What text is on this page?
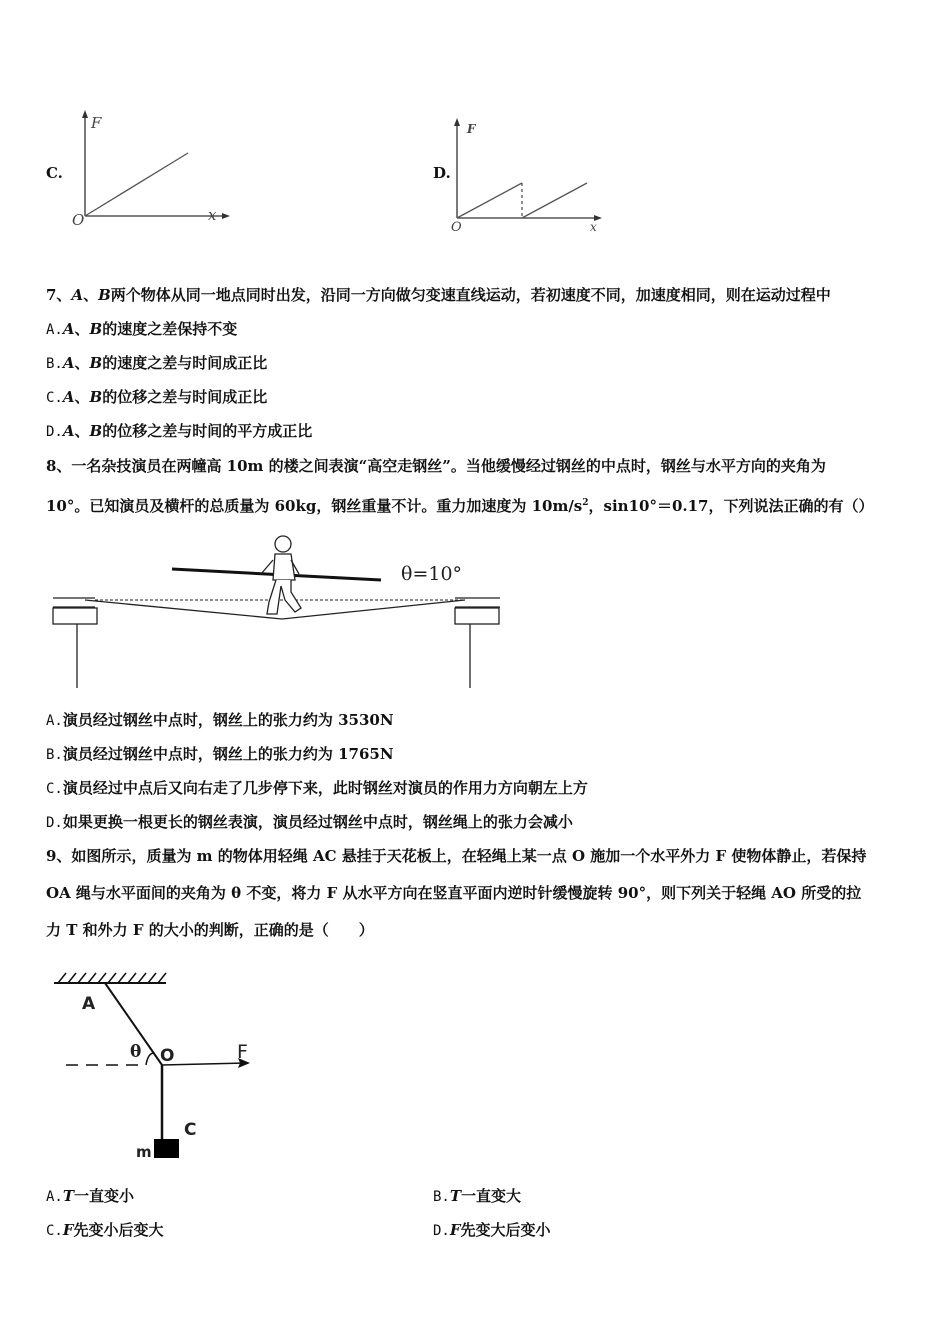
C.
F
x
O
D.
F
x
O
7、A、B两个物体从同一地点同时出发，沿同一方向做匀变速直线运动，若初速度不同，加速度相同，则在运动过程中
A.A、B的速度之差保持不变
B.A、B的速度之差与时间成正比
C.A、B的位移之差与时间成正比
D.A、B的位移之差与时间的平方成正比
8、一名杂技演员在两幢高 10m 的楼之间表演“高空走钢丝”。当他缓慢经过钢丝的中点时，钢丝与水平方向的夹角为
10°。已知演员及横杆的总质量为 60kg，钢丝重量不计。重力加速度为 $10m/s^2$，sin10°＝0.17，下列说法正确的有（）
θ=10°
A.演员经过钢丝中点时，钢丝上的张力约为 3530N
B.演员经过钢丝中点时，钢丝上的张力约为 1765N
C.演员经过中点后又向右走了几步停下来，此时钢丝对演员的作用力方向朝左上方
D.如果更换一根更长的钢丝表演，演员经过钢丝中点时，钢丝绳上的张力会减小
9、如图所示，质量为 m 的物体用轻绳 AC 悬挂于天花板上，在轻绳上某一点 O 施加一个水平外力 F 使物体静止，若保持
OA 绳与水平面间的夹角为 θ 不变，将力 F 从水平方向在竖直平面内逆时针缓慢旋转 90°，则下列关于轻绳 AO 所受的拉
力 T 和外力 F 的大小的判断，正确的是（　　）
A
O
θ	F
C
m
A.T一直变小	B.T一直变大
C.F先变小后变大	D.F先变大后变小
